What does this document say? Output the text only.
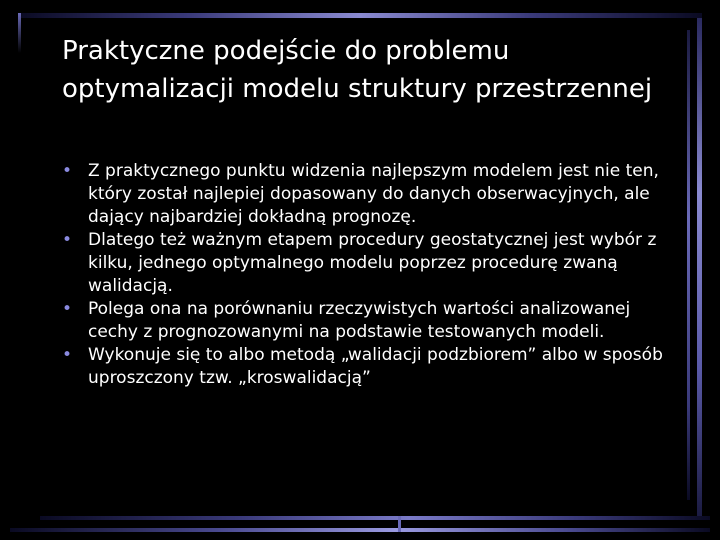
Praktyczne podejście do problemu optymalizacji modelu struktury przestrzennej
• Z praktycznego punktu widzenia najlepszym modelem jest nie ten, który został najlepiej dopasowany do danych obserwacyjnych, ale dający najbardziej dokładną prognozę.
• Dlatego też ważnym etapem procedury geostatycznej jest wybór z kilku, jednego optymalnego modelu poprzez procedurę zwaną walidacją.
• Polega ona na porównaniu rzeczywistych wartości analizowanej cechy z prognozowanymi na podstawie testowanych modeli.
• Wykonuje się to albo metodą „walidacji podzbiorem” albo w sposób uproszczony tzw. „kroswalidacją”
